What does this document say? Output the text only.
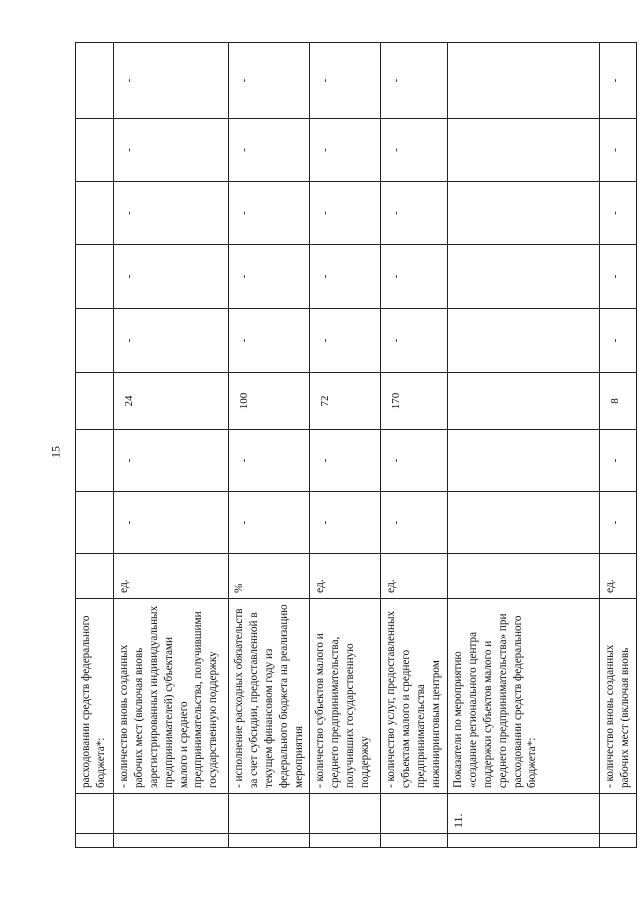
15
		расходовании средств федерального бюджета*:									
		- количество вновь созданных рабочих мест (включая вновь зарегистрированных индивидуальных предпринимателей) субъектами малого и среднего предпринимательства, получившими государственную поддержку	ед.	-	-	24	-	-	-	-	-
		- исполнение расходных обязательств за счет субсидии, предоставленной в текущем финансовом году из федерального бюджета на реализацию мероприятия	%	-	-	100	-	-	-	-	-
		- количество субъектов малого и среднего предпринимательства, получивших государственную поддержку	ед.	-	-	72	-	-	-	-	-
		- количество услуг, предоставленных субъектам малого и среднего предпринимательства инжиниринговым центром	ед.	-	-	170	-	-	-	-	-
	11.	Показатели по мероприятию «создание регионального центра поддержки субъектов малого и среднего предпринимательства» при расходовании средств федерального бюджета*:									
		- количество вновь созданных рабочих мест (включая вновь	ед.	-	-	8	-	-	-	-	-
